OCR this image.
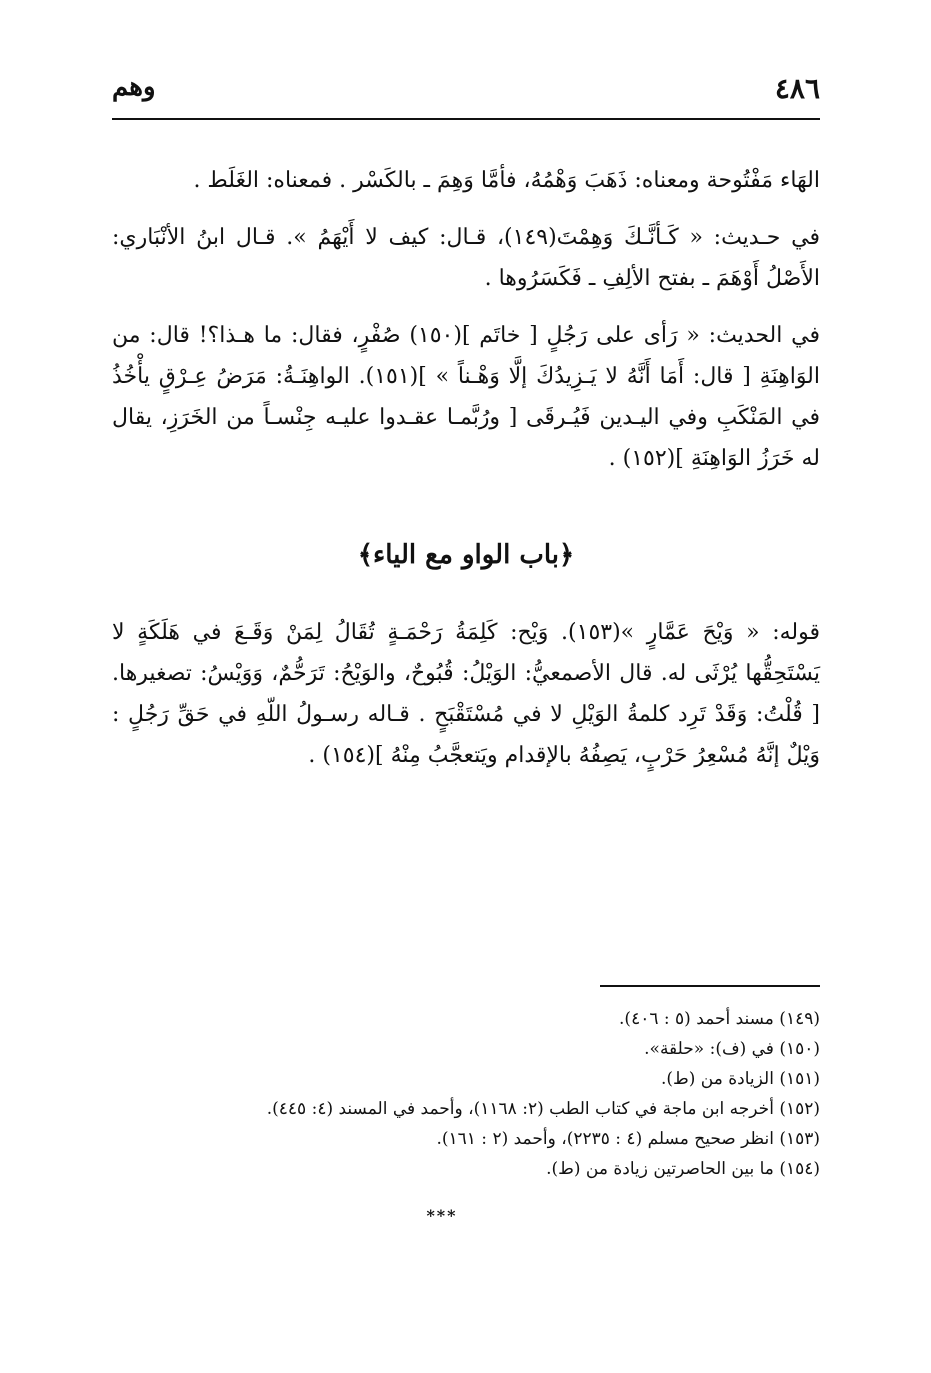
٤٨٦
وهم

الهَاء مَفْتُوحة ومعناه: ذَهَبَ وَهْمُهُ، فأمَّا وَهِمَ ـ بالكَسْر . فمعناه: الغَلَط .

في حـديث: « كَـأنَّـكَ وَهِمْتَ(١٤٩)، قـال: كيف لا أَيْهَمُ ». قـال ابنُ الأنْبَاري: الأَصْلُ أَوْهَمَ ـ بفتح الألِفِ ـ فَكَسَرُوها .

في الحديث: « رَأى على رَجُلٍ [ خاتَم ](١٥٠) صُفْرٍ، فقال: ما هـذا؟! قال: من الوَاهِنَةِ [ قال: أَمَا أَنَّهُ لا يَـزِيدُكَ إلَّا وَهْـناً » ](١٥١). الواهِنَـةُ: مَرَضُ عِـرْقٍ يأْخُذُ في المَنْكَبِ وفي اليـدين فَيُـرقَى [ ورُبَّمـا عقـدوا عليـه جِنْسـاً من الخَرَزِ، يقال له خَرَزُ الوَاهِنَةِ ](١٥٢) .

﴿باب الواو مع الياء﴾

قوله: « وَيْحَ عَمَّارٍ »(١٥٣). وَيْح: كَلِمَةُ رَحْمَـةٍ تُقَالُ لِمَنْ وَقَـعَ في هَلَكَةٍ لا يَسْتَحِقُّها يُرْثَى له. قال الأصمعيُّ: الوَيْلُ: قُبُوحٌ، والوَيْحُ: تَرَحُّمٌ، وَوَيْسُ: تصغيرها. [ قُلْتُ: وَقَدْ تَرِد كلمةُ الوَيْلِ لا في مُسْتَقْبَحٍ . قـاله رسـولُ اللّهِ في حَقِّ رَجُلٍ : وَيْلٌ إنَّهُ مُسْعِرُ حَرْبٍ، يَصِفُهُ بالإقدام ويَتعجَّبُ مِنْهُ ](١٥٤) .

(١٤٩) مسند أحمد (٥ : ٤٠٦).
(١٥٠) في (ف): «حلقة».
(١٥١) الزيادة من (ط).
(١٥٢) أخرجه ابن ماجة في كتاب الطب (٢: ١١٦٨)، وأحمد في المسند (٤: ٤٤٥).
(١٥٣) انظر صحيح مسلم (٤ : ٢٢٣٥)، وأحمد (٢ : ١٦١).
(١٥٤) ما بين الحاصرتين زيادة من (ط).
***
